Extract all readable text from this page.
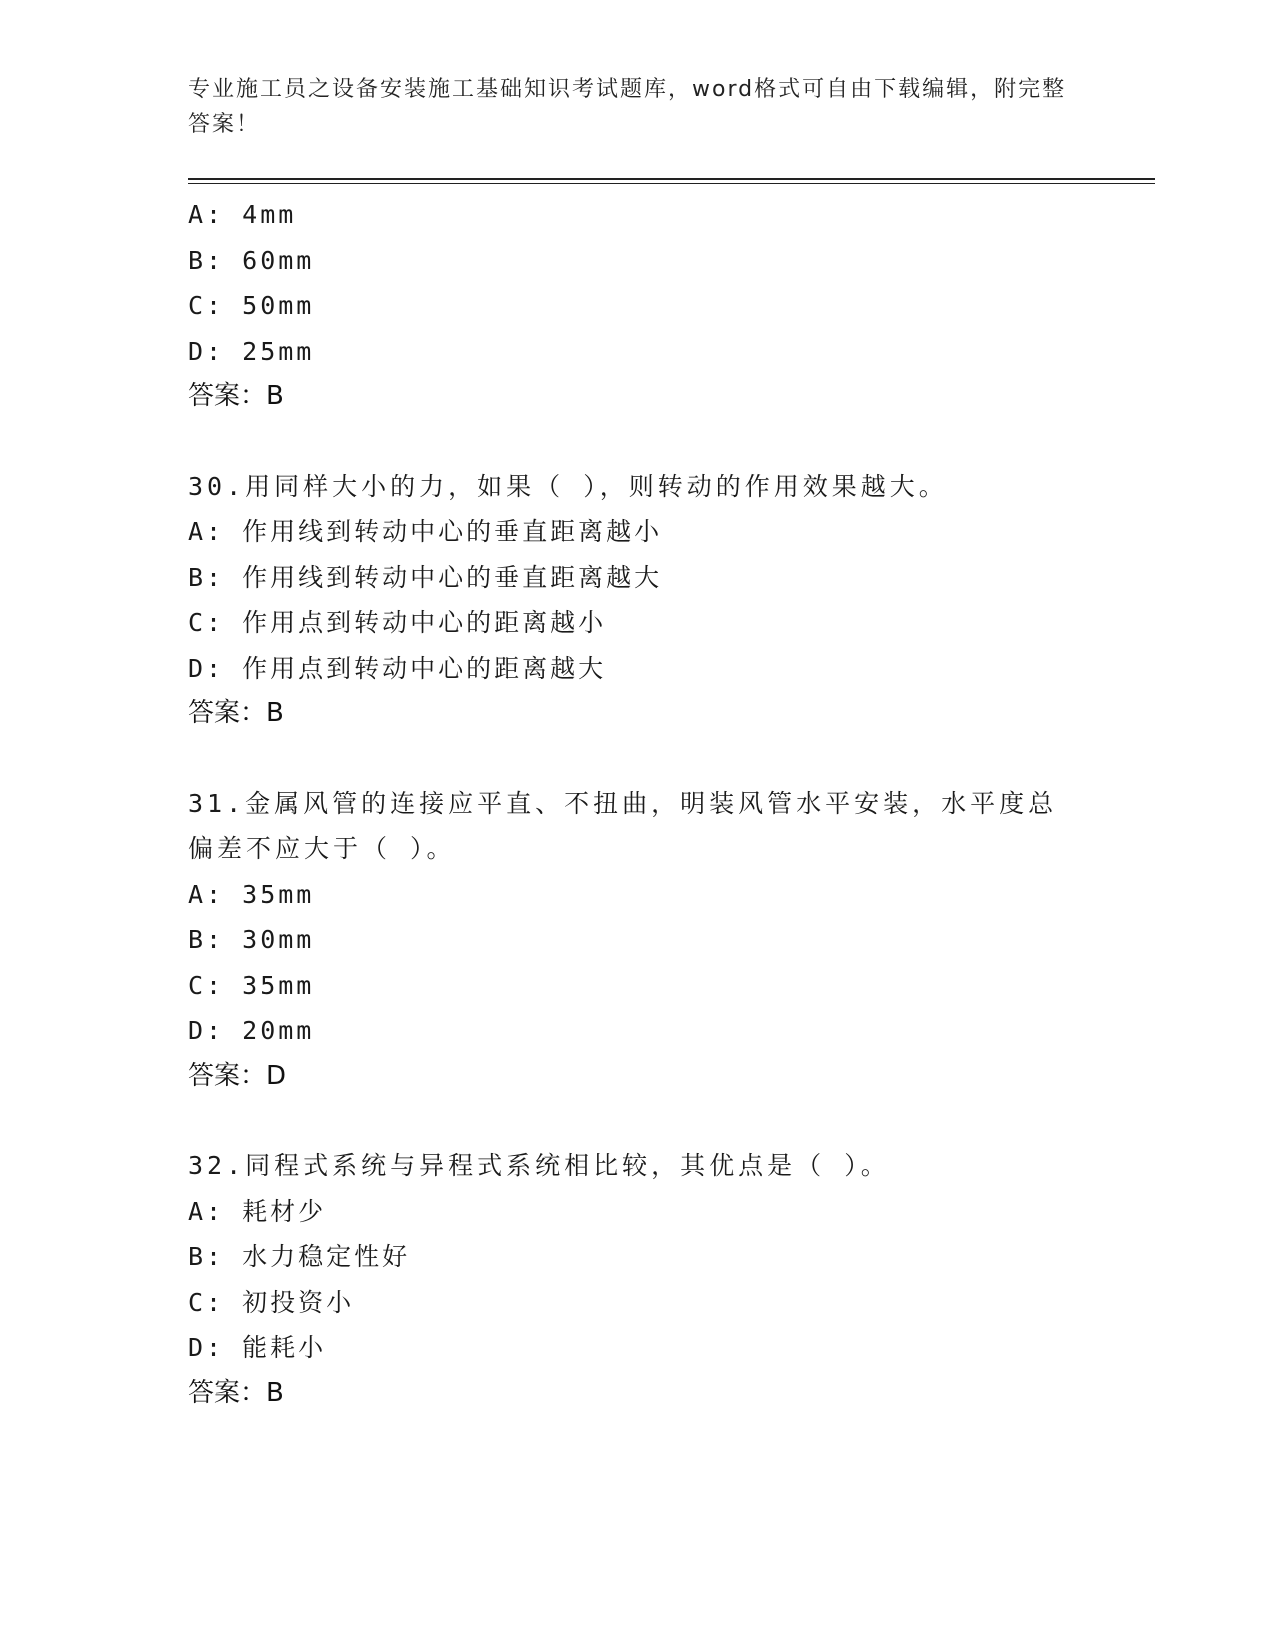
专业施工员之设备安装施工基础知识考试题库，word格式可自由下载编辑，附完整答案！
A: 4mm
B: 60mm
C: 50mm
D: 25mm
答案：B
30.用同样大小的力，如果（ ），则转动的作用效果越大。
A: 作用线到转动中心的垂直距离越小
B: 作用线到转动中心的垂直距离越大
C: 作用点到转动中心的距离越小
D: 作用点到转动中心的距离越大
答案：B
31.金属风管的连接应平直、不扭曲，明装风管水平安装，水平度总偏差不应大于（ ）。
A: 35mm
B: 30mm
C: 35mm
D: 20mm
答案：D
32.同程式系统与异程式系统相比较，其优点是（ ）。
A: 耗材少
B: 水力稳定性好
C: 初投资小
D: 能耗小
答案：B
